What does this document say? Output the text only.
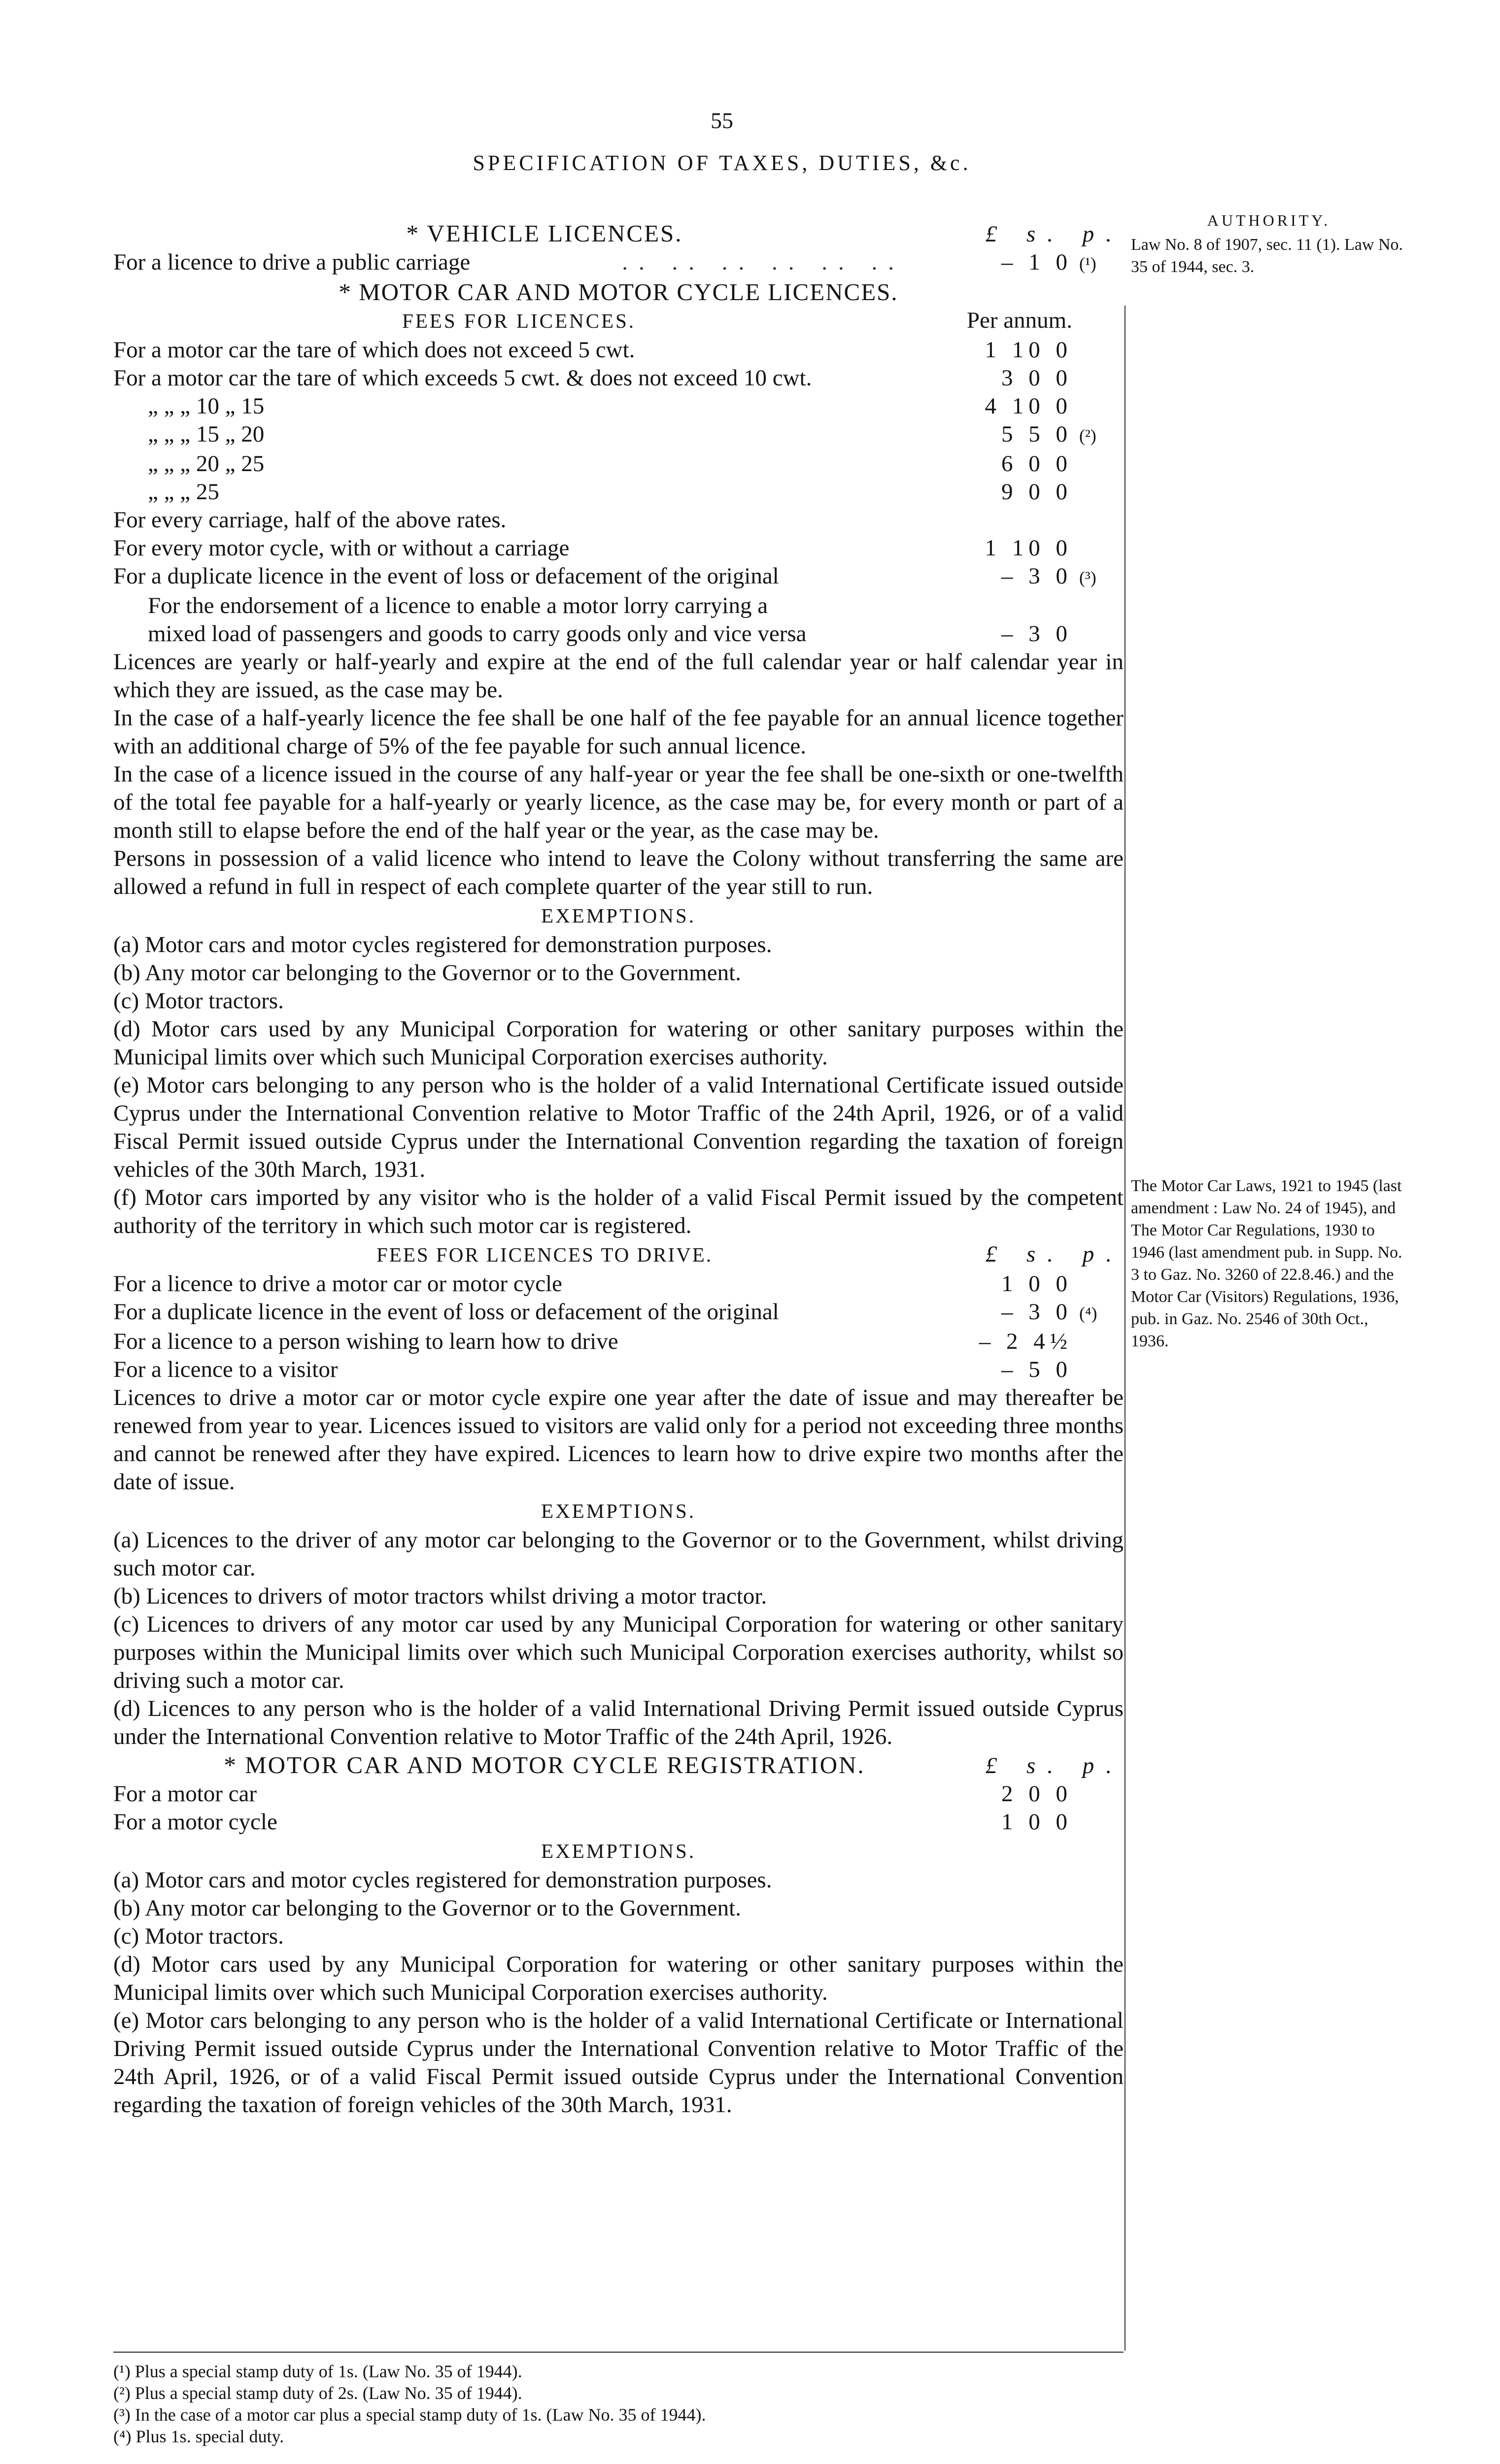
55
SPECIFICATION OF TAXES, DUTIES, &c.
AUTHORITY.
Law No. 8 of 1907, sec. 11 (1). Law No. 35 of 1944, sec. 3.
The Motor Car Laws, 1921 to 1945 (last amendment : Law No. 24 of 1945), and The Motor Car Regulations, 1930 to 1946 (last amendment pub. in Supp. No. 3 to Gaz. No. 3260 of 22.8.46.) and the Motor Car (Visitors) Regulations, 1936, pub. in Gaz. No. 2546 of 30th Oct., 1936.
* VEHICLE LICENCES.	£ s. p.
For a licence to drive a public carriage	.. .. .. .. .. ..	– 1 0 (¹)
* MOTOR CAR AND MOTOR CYCLE LICENCES.
FEES FOR LICENCES.	Per annum.
For a motor car the tare of which does not exceed 5 cwt.	1 10 0
For a motor car the tare of which exceeds 5 cwt. & does not exceed 10 cwt.	3 0 0
„ „ „ 10 „ 15	4 10 0
„ „ „ 15 „ 20	5 5 0 (²)
„ „ „ 20 „ 25	6 0 0
„ „ „ 25	9 0 0
For every carriage, half of the above rates.
For every motor cycle, with or without a carriage	1 10 0
For a duplicate licence in the event of loss or defacement of the original	– 3 0 (³)
For the endorsement of a licence to enable a motor lorry carrying a
mixed load of passengers and goods to carry goods only and vice versa	– 3 0
Licences are yearly or half-yearly and expire at the end of the full calendar year or half calendar year in which they are issued, as the case may be.
In the case of a half-yearly licence the fee shall be one half of the fee payable for an annual licence together with an additional charge of 5% of the fee payable for such annual licence.
In the case of a licence issued in the course of any half-year or year the fee shall be one-sixth or one-twelfth of the total fee payable for a half-yearly or yearly licence, as the case may be, for every month or part of a month still to elapse before the end of the half year or the year, as the case may be.
Persons in possession of a valid licence who intend to leave the Colony without transferring the same are allowed a refund in full in respect of each complete quarter of the year still to run.
EXEMPTIONS.
(a) Motor cars and motor cycles registered for demonstration purposes.
(b) Any motor car belonging to the Governor or to the Government.
(c) Motor tractors.
(d) Motor cars used by any Municipal Corporation for watering or other sanitary purposes within the Municipal limits over which such Municipal Corporation exercises authority.
(e) Motor cars belonging to any person who is the holder of a valid International Certificate issued outside Cyprus under the International Convention relative to Motor Traffic of the 24th April, 1926, or of a valid Fiscal Permit issued outside Cyprus under the International Convention regarding the taxation of foreign vehicles of the 30th March, 1931.
(f) Motor cars imported by any visitor who is the holder of a valid Fiscal Permit issued by the competent authority of the territory in which such motor car is registered.
FEES FOR LICENCES TO DRIVE.	£ s. p.
For a licence to drive a motor car or motor cycle	1 0 0
For a duplicate licence in the event of loss or defacement of the original	– 3 0 (⁴)
For a licence to a person wishing to learn how to drive	– 2 4½
For a licence to a visitor	– 5 0
Licences to drive a motor car or motor cycle expire one year after the date of issue and may thereafter be renewed from year to year. Licences issued to visitors are valid only for a period not exceeding three months and cannot be renewed after they have expired. Licences to learn how to drive expire two months after the date of issue.
EXEMPTIONS.
(a) Licences to the driver of any motor car belonging to the Governor or to the Government, whilst driving such motor car.
(b) Licences to drivers of motor tractors whilst driving a motor tractor.
(c) Licences to drivers of any motor car used by any Municipal Corporation for watering or other sanitary purposes within the Municipal limits over which such Municipal Corporation exercises authority, whilst so driving such a motor car.
(d) Licences to any person who is the holder of a valid International Driving Permit issued outside Cyprus under the International Convention relative to Motor Traffic of the 24th April, 1926.
* MOTOR CAR AND MOTOR CYCLE REGISTRATION.	£ s. p.
For a motor car	2 0 0
For a motor cycle	1 0 0
EXEMPTIONS.
(a) Motor cars and motor cycles registered for demonstration purposes.
(b) Any motor car belonging to the Governor or to the Government.
(c) Motor tractors.
(d) Motor cars used by any Municipal Corporation for watering or other sanitary purposes within the Municipal limits over which such Municipal Corporation exercises authority.
(e) Motor cars belonging to any person who is the holder of a valid International Certificate or International Driving Permit issued outside Cyprus under the International Convention relative to Motor Traffic of the 24th April, 1926, or of a valid Fiscal Permit issued outside Cyprus under the International Convention regarding the taxation of foreign vehicles of the 30th March, 1931.
(¹) Plus a special stamp duty of 1s. (Law No. 35 of 1944).
(²) Plus a special stamp duty of 2s. (Law No. 35 of 1944).
(³) In the case of a motor car plus a special stamp duty of 1s. (Law No. 35 of 1944).
(⁴) Plus 1s. special duty.
